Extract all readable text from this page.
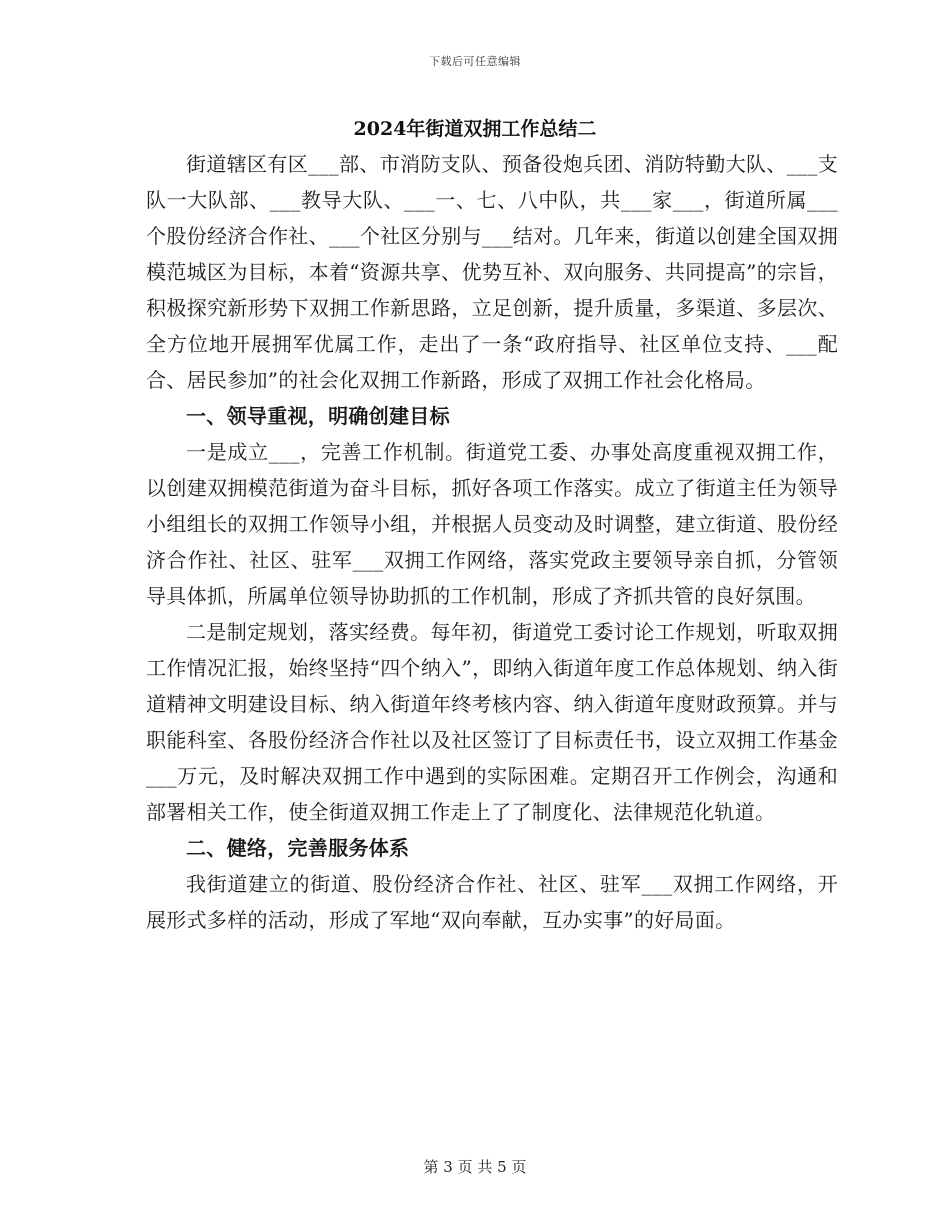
下载后可任意编辑
2024年街道双拥工作总结二

街道辖区有区___部、市消防支队、预备役炮兵团、消防特勤大队、___支队一大队部、___教导大队、___一、七、八中队，共___家___，街道所属___个股份经济合作社、___个社区分别与___结对。几年来，街道以创建全国双拥模范城区为目标，本着“资源共享、优势互补、双向服务、共同提高”的宗旨，积极探究新形势下双拥工作新思路，立足创新，提升质量，多渠道、多层次、全方位地开展拥军优属工作，走出了一条“政府指导、社区单位支持、___配合、居民参加”的社会化双拥工作新路，形成了双拥工作社会化格局。

一、领导重视，明确创建目标

一是成立___，完善工作机制。街道党工委、办事处高度重视双拥工作，以创建双拥模范街道为奋斗目标，抓好各项工作落实。成立了街道主任为领导小组组长的双拥工作领导小组，并根据人员变动及时调整，建立街道、股份经济合作社、社区、驻军___双拥工作网络，落实党政主要领导亲自抓，分管领导具体抓，所属单位领导协助抓的工作机制，形成了齐抓共管的良好氛围。

二是制定规划，落实经费。每年初，街道党工委讨论工作规划，听取双拥工作情况汇报，始终坚持“四个纳入”，即纳入街道年度工作总体规划、纳入街道精神文明建设目标、纳入街道年终考核内容、纳入街道年度财政预算。并与职能科室、各股份经济合作社以及社区签订了目标责任书，设立双拥工作基金___万元，及时解决双拥工作中遇到的实际困难。定期召开工作例会，沟通和部署相关工作，使全街道双拥工作走上了了制度化、法律规范化轨道。

二、健络，完善服务体系

我街道建立的街道、股份经济合作社、社区、驻军___双拥工作网络，开展形式多样的活动，形成了军地“双向奉献，互办实事”的好局面。

第 3 页 共 5 页
